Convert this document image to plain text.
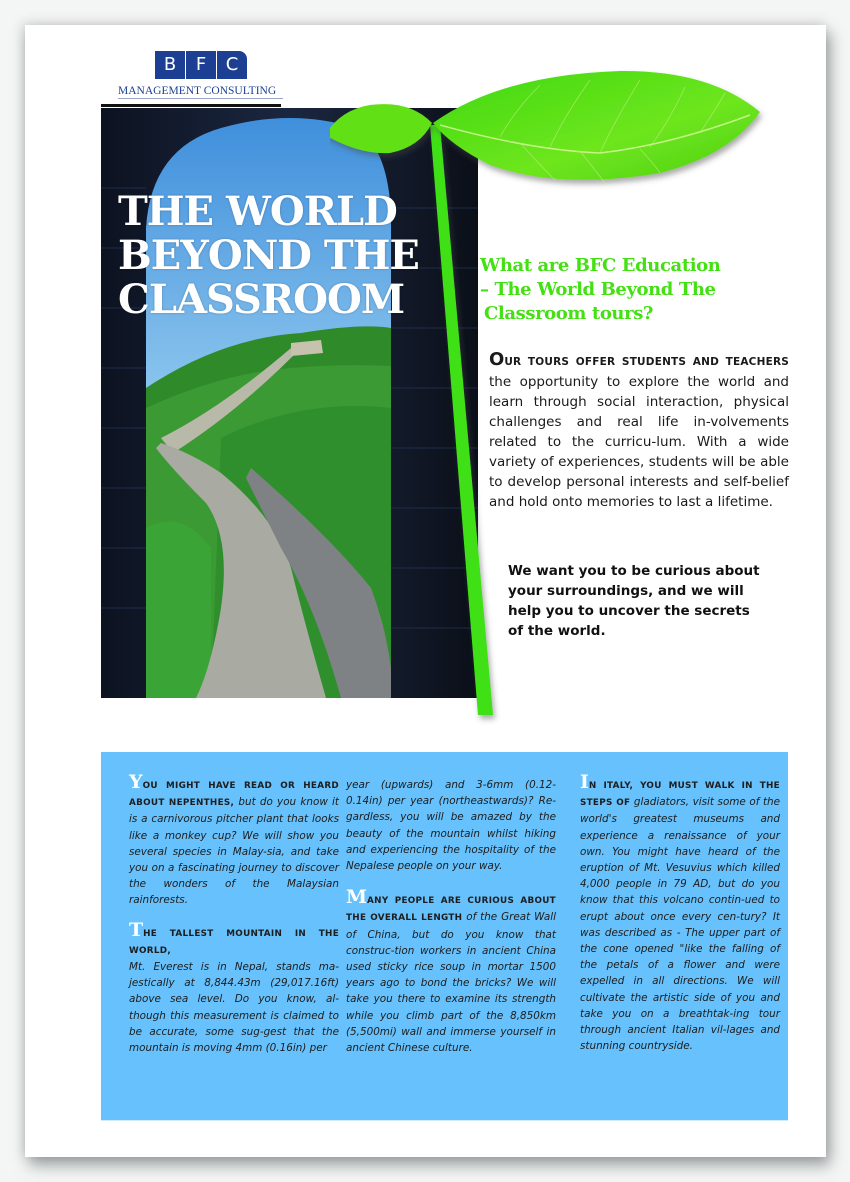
B	F	C
MANAGEMENT CONSULTING
THE WORLD
BEYOND THE
CLASSROOM
What are BFC Education
– The World Beyond The
Classroom tours?
OUR TOURS OFFER STUDENTS AND TEACHERS the opportunity to explore the world and learn through social interaction, physical challenges and real life in-volvements related to the curricu-lum. With a wide variety of experiences, students will be able to develop personal interests and self-belief and hold onto memories to last a lifetime.
We want you to be curious about
your surroundings, and we will
help you to uncover the secrets
of the world.

YOU MIGHT HAVE READ OR HEARD ABOUT NEPENTHES, but do you know it is a carnivorous pitcher plant that looks like a monkey cup? We will show you several species in Malay-sia, and take you on a fascinating journey to discover the wonders of the Malaysian rainforests.

THE TALLEST MOUNTAIN IN THE WORLD,
Mt. Everest is in Nepal, stands ma-jestically at 8,844.43m (29,017.16ft) above sea level. Do you know, al-though this measurement is claimed to be accurate, some sug-gest that the mountain is moving 4mm (0.16in) per

year (upwards) and 3-6mm (0.12-0.14in) per year (northeastwards)? Re-gardless, you will be amazed by the beauty of the mountain whilst hiking and experiencing the hospitality of the Nepalese people on your way.

MANY PEOPLE ARE CURIOUS ABOUT THE OVERALL LENGTH of the Great Wall of China, but do you know that construc-tion workers in ancient China used sticky rice soup in mortar 1500 years ago to bond the bricks? We will take you there to examine its strength while you climb part of the 8,850km (5,500mi) wall and immerse yourself in ancient Chinese culture.

IN ITALY, YOU MUST WALK IN THE STEPS OF gladiators, visit some of the world's greatest museums and experience a renaissance of your own. You might have heard of the eruption of Mt. Vesuvius which killed 4,000 people in 79 AD, but do you know that this volcano contin-ued to erupt about once every cen-tury? It was described as - The upper part of the cone opened "like the falling of the petals of a flower and were expelled in all directions. We will cultivate the artistic side of you and take you on a breathtak-ing tour through ancient Italian vil-lages and stunning countryside.
